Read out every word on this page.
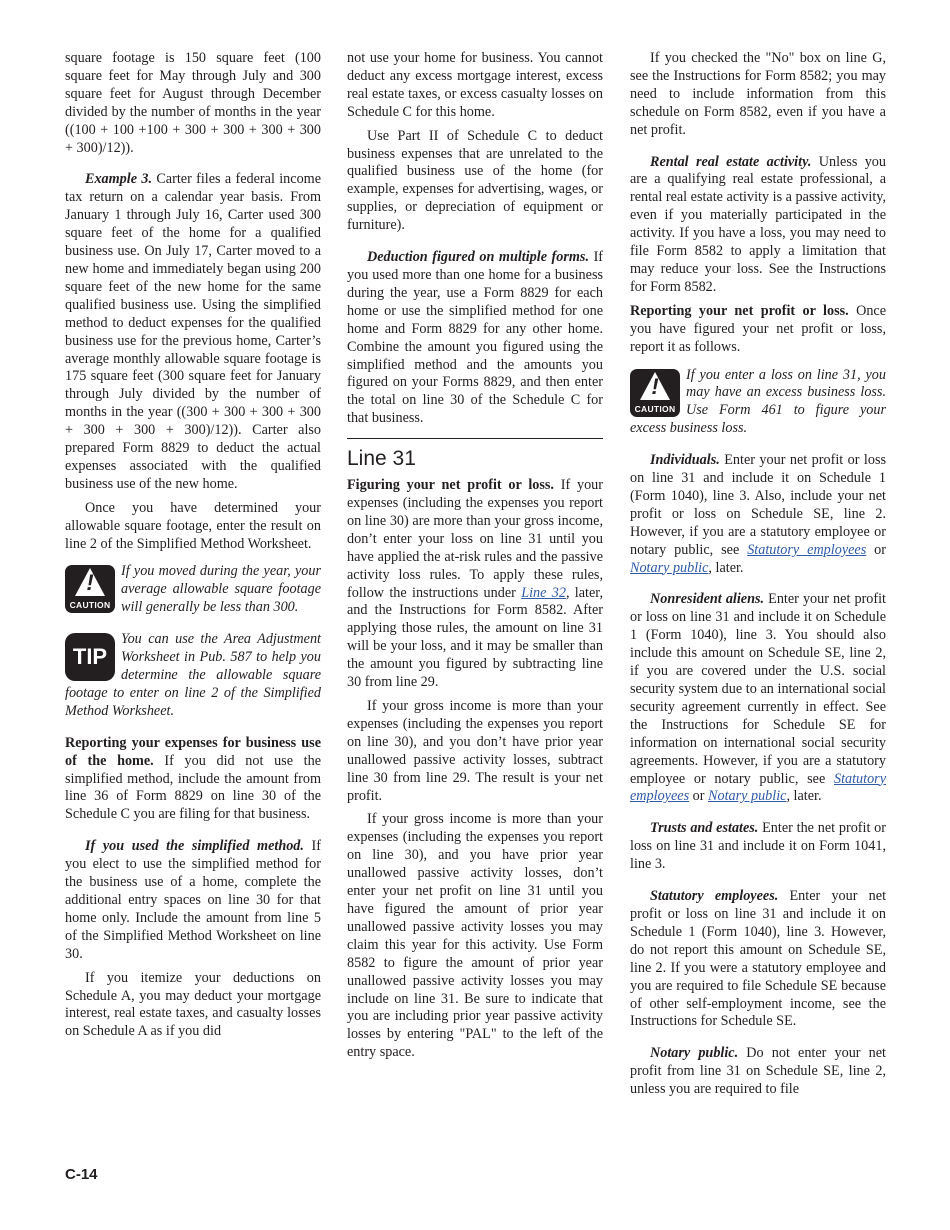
square footage is 150 square feet (100 square feet for May through July and 300 square feet for August through December divided by the number of months in the year ((100 + 100 +100 + 300 + 300 + 300 + 300 + 300)/12)).

Example 3. Carter files a federal income tax return on a calendar year basis. From January 1 through July 16, Carter used 300 square feet of the home for a qualified business use. On July 17, Carter moved to a new home and immediately began using 200 square feet of the new home for the same qualified business use. Using the simplified method to deduct expenses for the qualified business use for the previous home, Carter’s average monthly allowable square footage is 175 square feet (300 square feet for January through July divided by the number of months in the year ((300 + 300 + 300 + 300 + 300 + 300 + 300)/12)). Carter also prepared Form 8829 to deduct the actual expenses associated with the qualified business use of the new home.

Once you have determined your allowable square footage, enter the result on line 2 of the Simplified Method Worksheet.

!
CAUTION
If you moved during the year, your average allowable square footage will generally be less than 300.
TIP
You can use the Area Adjustment Worksheet in Pub. 587 to help you determine the allowable square footage to enter on line 2 of the Simplified Method Worksheet.

Reporting your expenses for business use of the home. If you did not use the simplified method, include the amount from line 36 of Form 8829 on line 30 of the Schedule C you are filing for that business.

If you used the simplified method. If you elect to use the simplified method for the business use of a home, complete the additional entry spaces on line 30 for that home only. Include the amount from line 5 of the Simplified Method Worksheet on line 30.

If you itemize your deductions on Schedule A, you may deduct your mortgage interest, real estate taxes, and casualty losses on Schedule A as if you did

not use your home for business. You cannot deduct any excess mortgage interest, excess real estate taxes, or excess casualty losses on Schedule C for this home.

Use Part II of Schedule C to deduct business expenses that are unrelated to the qualified business use of the home (for example, expenses for advertising, wages, or supplies, or depreciation of equipment or furniture).

Deduction figured on multiple forms. If you used more than one home for a business during the year, use a Form 8829 for each home or use the simplified method for one home and Form 8829 for any other home. Combine the amount you figured using the simplified method and the amounts you figured on your Forms 8829, and then enter the total on line 30 of the Schedule C for that business.

Line 31

Figuring your net profit or loss. If your expenses (including the expenses you report on line 30) are more than your gross income, don’t enter your loss on line 31 until you have applied the at-risk rules and the passive activity loss rules. To apply these rules, follow the instructions under Line 32, later, and the Instructions for Form 8582. After applying those rules, the amount on line 31 will be your loss, and it may be smaller than the amount you figured by subtracting line 30 from line 29.

If your gross income is more than your expenses (including the expenses you report on line 30), and you don’t have prior year unallowed passive activity losses, subtract line 30 from line 29. The result is your net profit.

If your gross income is more than your expenses (including the expenses you report on line 30), and you have prior year unallowed passive activity losses, don’t enter your net profit on line 31 until you have figured the amount of prior year unallowed passive activity losses you may claim this year for this activity. Use Form 8582 to figure the amount of prior year unallowed passive activity losses you may include on line 31. Be sure to indicate that you are including prior year passive activity losses by entering "PAL" to the left of the entry space.

If you checked the "No" box on line G, see the Instructions for Form 8582; you may need to include information from this schedule on Form 8582, even if you have a net profit.

Rental real estate activity. Unless you are a qualifying real estate professional, a rental real estate activity is a passive activity, even if you materially participated in the activity. If you have a loss, you may need to file Form 8582 to apply a limitation that may reduce your loss. See the Instructions for Form 8582.

Reporting your net profit or loss. Once you have figured your net profit or loss, report it as follows.

!
CAUTION
If you enter a loss on line 31, you may have an excess business loss. Use Form 461 to figure your excess business loss.

Individuals. Enter your net profit or loss on line 31 and include it on Schedule 1 (Form 1040), line 3. Also, include your net profit or loss on Schedule SE, line 2. However, if you are a statutory employee or notary public, see Statutory employees or Notary public, later.

Nonresident aliens. Enter your net profit or loss on line 31 and include it on Schedule 1 (Form 1040), line 3. You should also include this amount on Schedule SE, line 2, if you are covered under the U.S. social security system due to an international social security agreement currently in effect. See the Instructions for Schedule SE for information on international social security agreements. However, if you are a statutory employee or notary public, see Statutory employees or Notary public, later.

Trusts and estates. Enter the net profit or loss on line 31 and include it on Form 1041, line 3.

Statutory employees. Enter your net profit or loss on line 31 and include it on Schedule 1 (Form 1040), line 3. However, do not report this amount on Schedule SE, line 2. If you were a statutory employee and you are required to file Schedule SE because of other self-employment income, see the Instructions for Schedule SE.

Notary public. Do not enter your net profit from line 31 on Schedule SE, line 2, unless you are required to file

C-14
